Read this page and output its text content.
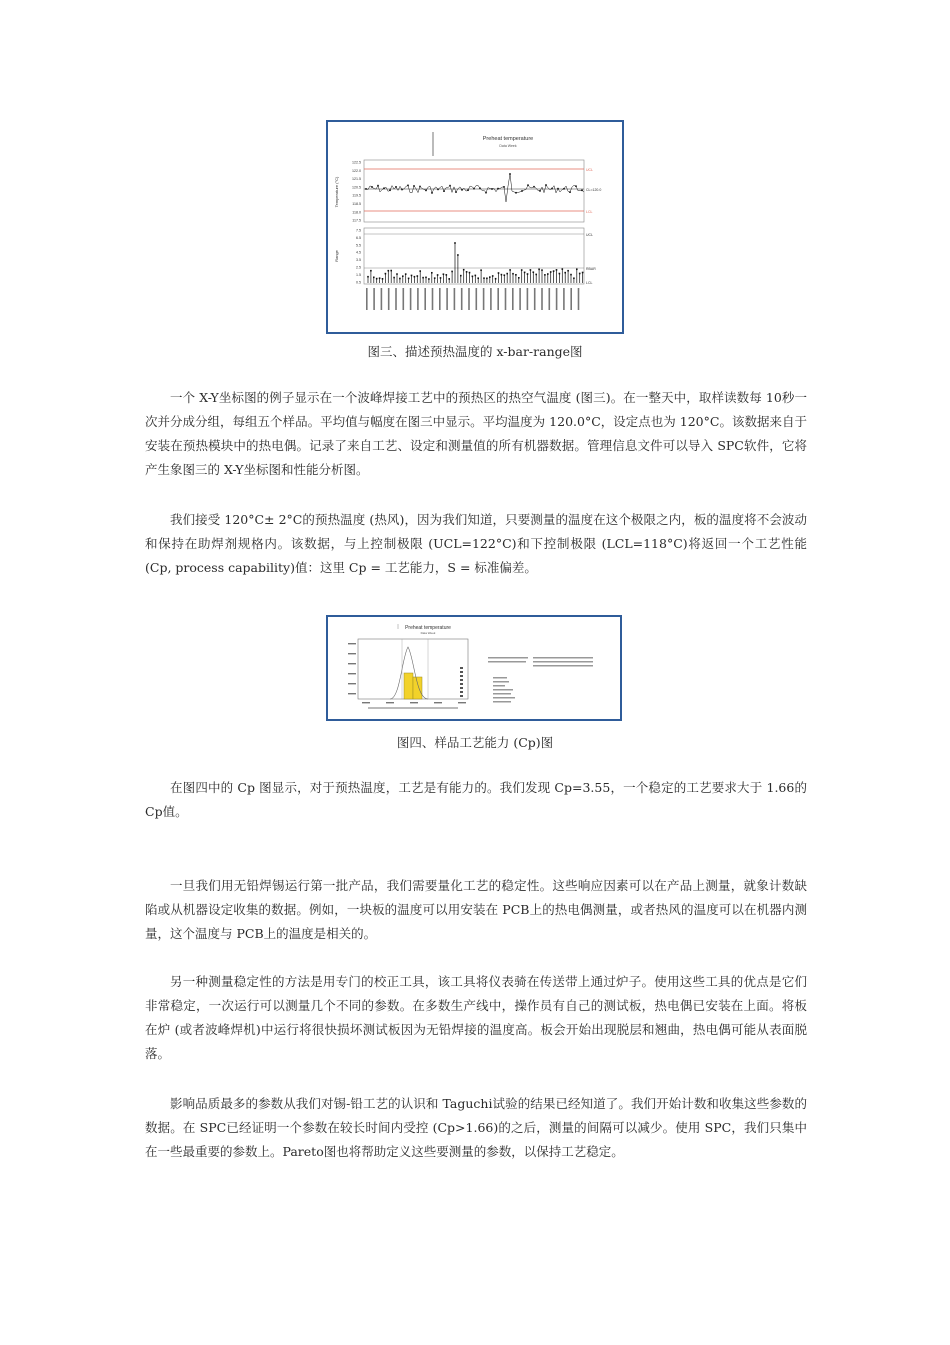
Preheat temperature
Data Week
122.5
122.0
121.5
120.5
119.5
118.5
118.0
117.5
Temperature (°C)
UCL
CL=120.0
LCL
7.5
6.5
5.5
4.5
3.5
2.5
1.5
0.5
Range
UCL
RBAR
LCL
图三、描述预热温度的 x-bar-range图

一个 X-Y坐标图的例子显示在一个波峰焊接工艺中的预热区的热空气温度 (图三)。在一整天中，取样读数每 10秒一次并分成分组，每组五个样品。平均值与幅度在图三中显示。平均温度为 120.0°C，设定点也为 120°C。该数据来自于安装在预热模块中的热电偶。记录了来自工艺、设定和测量值的所有机器数据。管理信息文件可以导入 SPC软件，它将产生象图三的 X-Y坐标图和性能分析图。

我们接受 120°C± 2°C的预热温度 (热风)，因为我们知道，只要测量的温度在这个极限之内，板的温度将不会波动和保持在助焊剂规格内。该数据，与上控制极限 (UCL=122°C)和下控制极限 (LCL=118°C)将返回一个工艺性能 (Cp, process capability)值：这里 Cp = 工艺能力，S = 标准偏差。

Preheat temperature
Data Week
图四、样品工艺能力 (Cp)图

在图四中的 Cp 图显示，对于预热温度，工艺是有能力的。我们发现 Cp=3.55，一个稳定的工艺要求大于 1.66的 Cp值。

一旦我们用无铅焊锡运行第一批产品，我们需要量化工艺的稳定性。这些响应因素可以在产品上测量，就象计数缺陷或从机器设定收集的数据。例如，一块板的温度可以用安装在 PCB上的热电偶测量，或者热风的温度可以在机器内测量，这个温度与 PCB上的温度是相关的。

另一种测量稳定性的方法是用专门的校正工具，该工具将仪表骑在传送带上通过炉子。使用这些工具的优点是它们非常稳定，一次运行可以测量几个不同的参数。在多数生产线中，操作员有自己的测试板，热电偶已安装在上面。将板在炉 (或者波峰焊机)中运行将很快损坏测试板因为无铅焊接的温度高。板会开始出现脱层和翘曲，热电偶可能从表面脱落。

影响品质最多的参数从我们对锡-铅工艺的认识和 Taguchi试验的结果已经知道了。我们开始计数和收集这些参数的数据。在 SPC已经证明一个参数在较长时间内受控 (Cp>1.66)的之后，测量的间隔可以减少。使用 SPC，我们只集中在一些最重要的参数上。Pareto图也将帮助定义这些要测量的参数，以保持工艺稳定。
